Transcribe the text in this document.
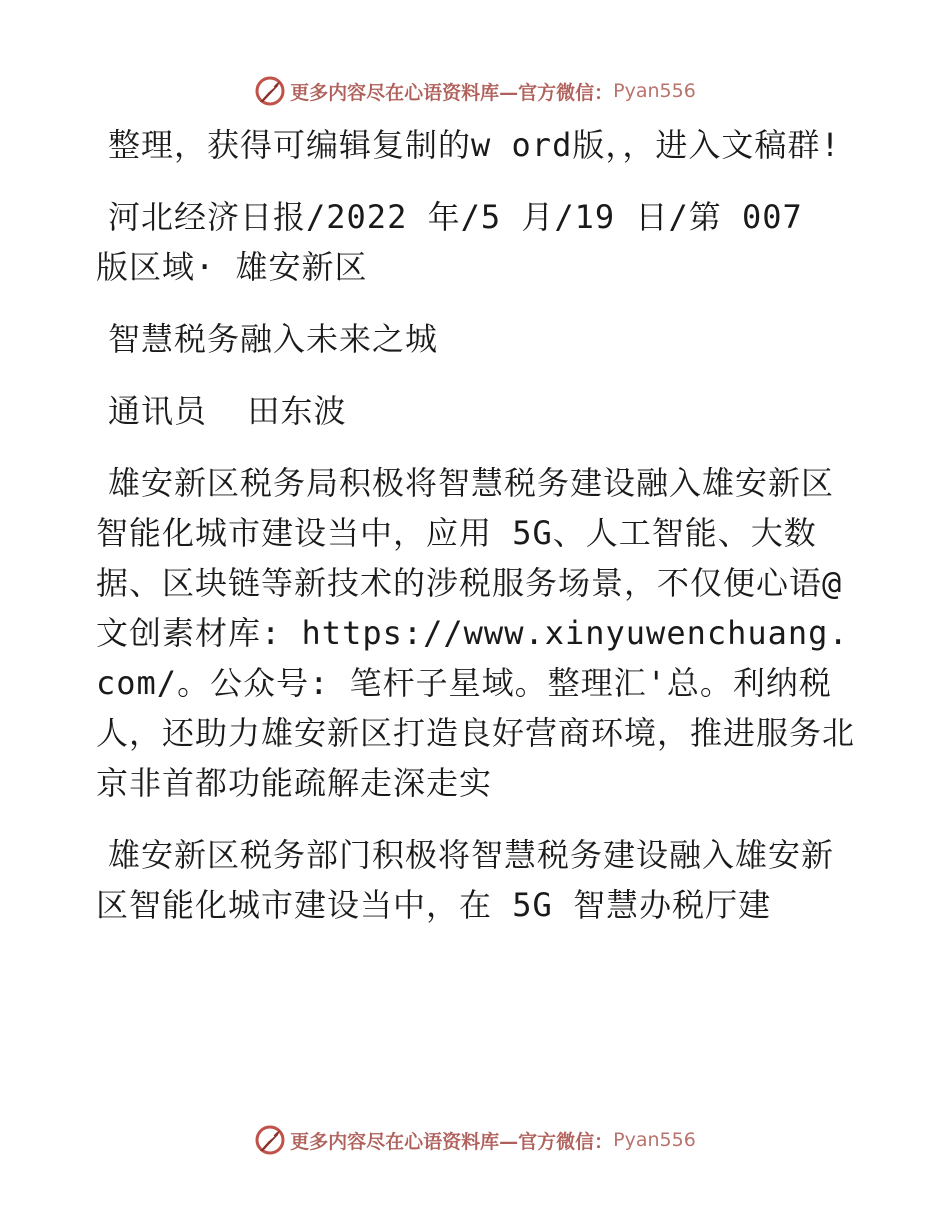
更多内容尽在心语资料库—官方微信： Pyan556

整理，获得可编辑复制的w ord版，，进入文稿群!

河北经济日报/2022 年/5 月/19 日/第 007 版区域· 雄安新区

智慧税务融入未来之城

通讯员  田东波

雄安新区税务局积极将智慧税务建设融入雄安新区智能化城市建设当中，应用 5G、人工智能、大数据、区块链等新技术的涉税服务场景，不仅便心语@文创素材库: https://www.xinyuwenchuang.com/。公众号: 笔杆子星域。整理汇'总。利纳税人，还助力雄安新区打造良好营商环境，推进服务北京非首都功能疏解走深走实

雄安新区税务部门积极将智慧税务建设融入雄安新区智能化城市建设当中，在 5G 智慧办税厅建

更多内容尽在心语资料库—官方微信： Pyan556
